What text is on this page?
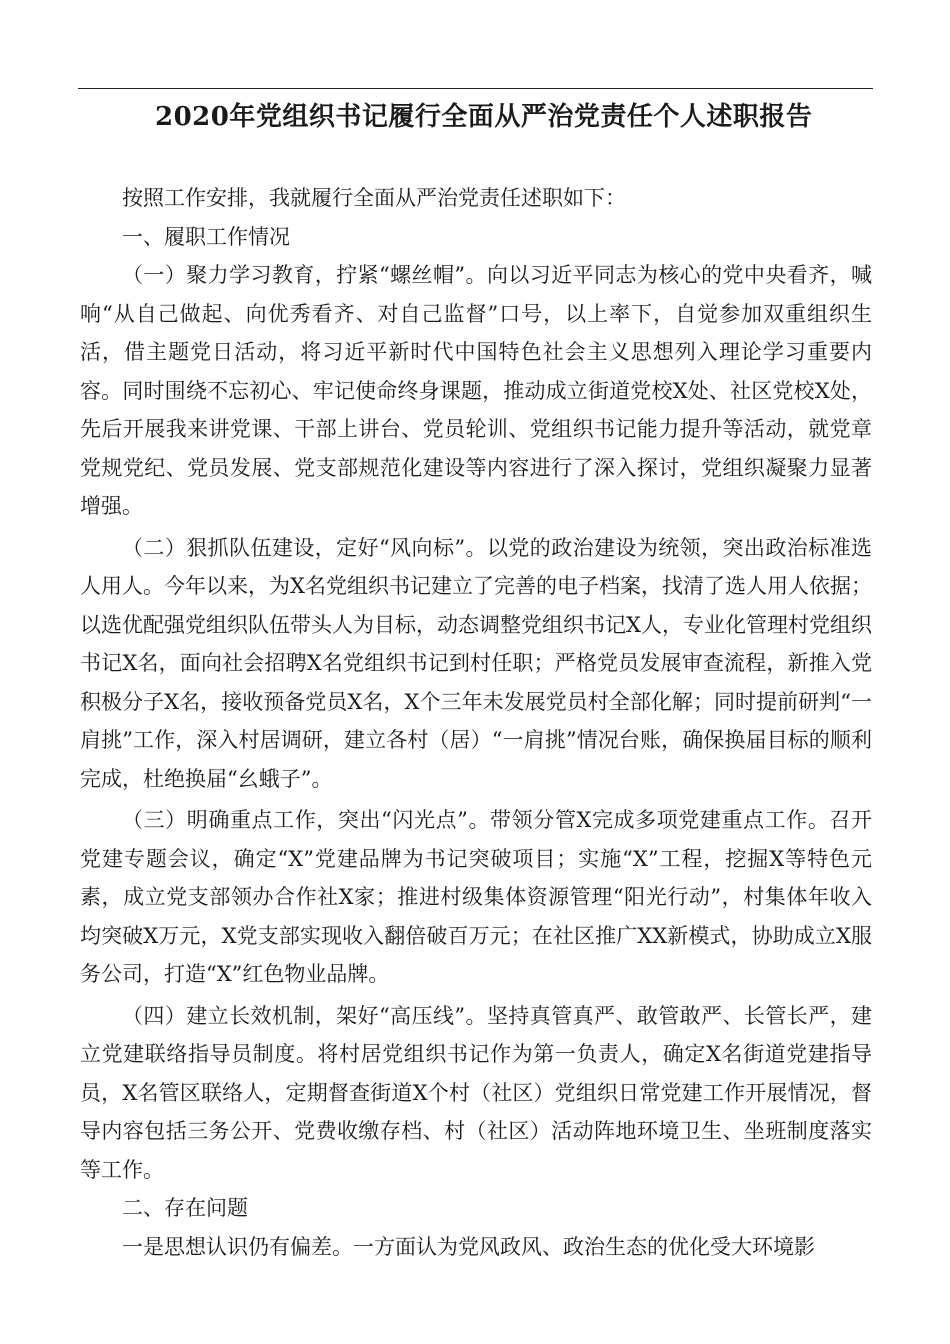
2020年党组织书记履行全面从严治党责任个人述职报告

按照工作安排，我就履行全面从严治党责任述职如下：

一、履职工作情况

（一）聚力学习教育，拧紧“螺丝帽”。向以习近平同志为核心的党中央看齐，喊响“从自己做起、向优秀看齐、对自己监督”口号，以上率下，自觉参加双重组织生活，借主题党日活动，将习近平新时代中国特色社会主义思想列入理论学习重要内容。同时围绕不忘初心、牢记使命终身课题，推动成立街道党校X处、社区党校X处，先后开展我来讲党课、干部上讲台、党员轮训、党组织书记能力提升等活动，就党章党规党纪、党员发展、党支部规范化建设等内容进行了深入探讨，党组织凝聚力显著增强。

（二）狠抓队伍建设，定好“风向标”。以党的政治建设为统领，突出政治标准选人用人。今年以来，为X名党组织书记建立了完善的电子档案，找清了选人用人依据；以选优配强党组织队伍带头人为目标，动态调整党组织书记X人，专业化管理村党组织书记X名，面向社会招聘X名党组织书记到村任职；严格党员发展审查流程，新推入党积极分子X名，接收预备党员X名，X个三年未发展党员村全部化解；同时提前研判“一肩挑”工作，深入村居调研，建立各村（居）“一肩挑”情况台账，确保换届目标的顺利完成，杜绝换届“幺蛾子”。

（三）明确重点工作，突出“闪光点”。带领分管X完成多项党建重点工作。召开党建专题会议，确定“X”党建品牌为书记突破项目；实施“X”工程，挖掘X等特色元素，成立党支部领办合作社X家；推进村级集体资源管理“阳光行动”，村集体年收入均突破X万元，X党支部实现收入翻倍破百万元；在社区推广XX新模式，协助成立X服务公司，打造“X”红色物业品牌。

（四）建立长效机制，架好“高压线”。坚持真管真严、敢管敢严、长管长严，建立党建联络指导员制度。将村居党组织书记作为第一负责人，确定X名街道党建指导员，X名管区联络人，定期督查街道X个村（社区）党组织日常党建工作开展情况，督导内容包括三务公开、党费收缴存档、村（社区）活动阵地环境卫生、坐班制度落实等工作。

二、存在问题

一是思想认识仍有偏差。一方面认为党风政风、政治生态的优化受大环境影
